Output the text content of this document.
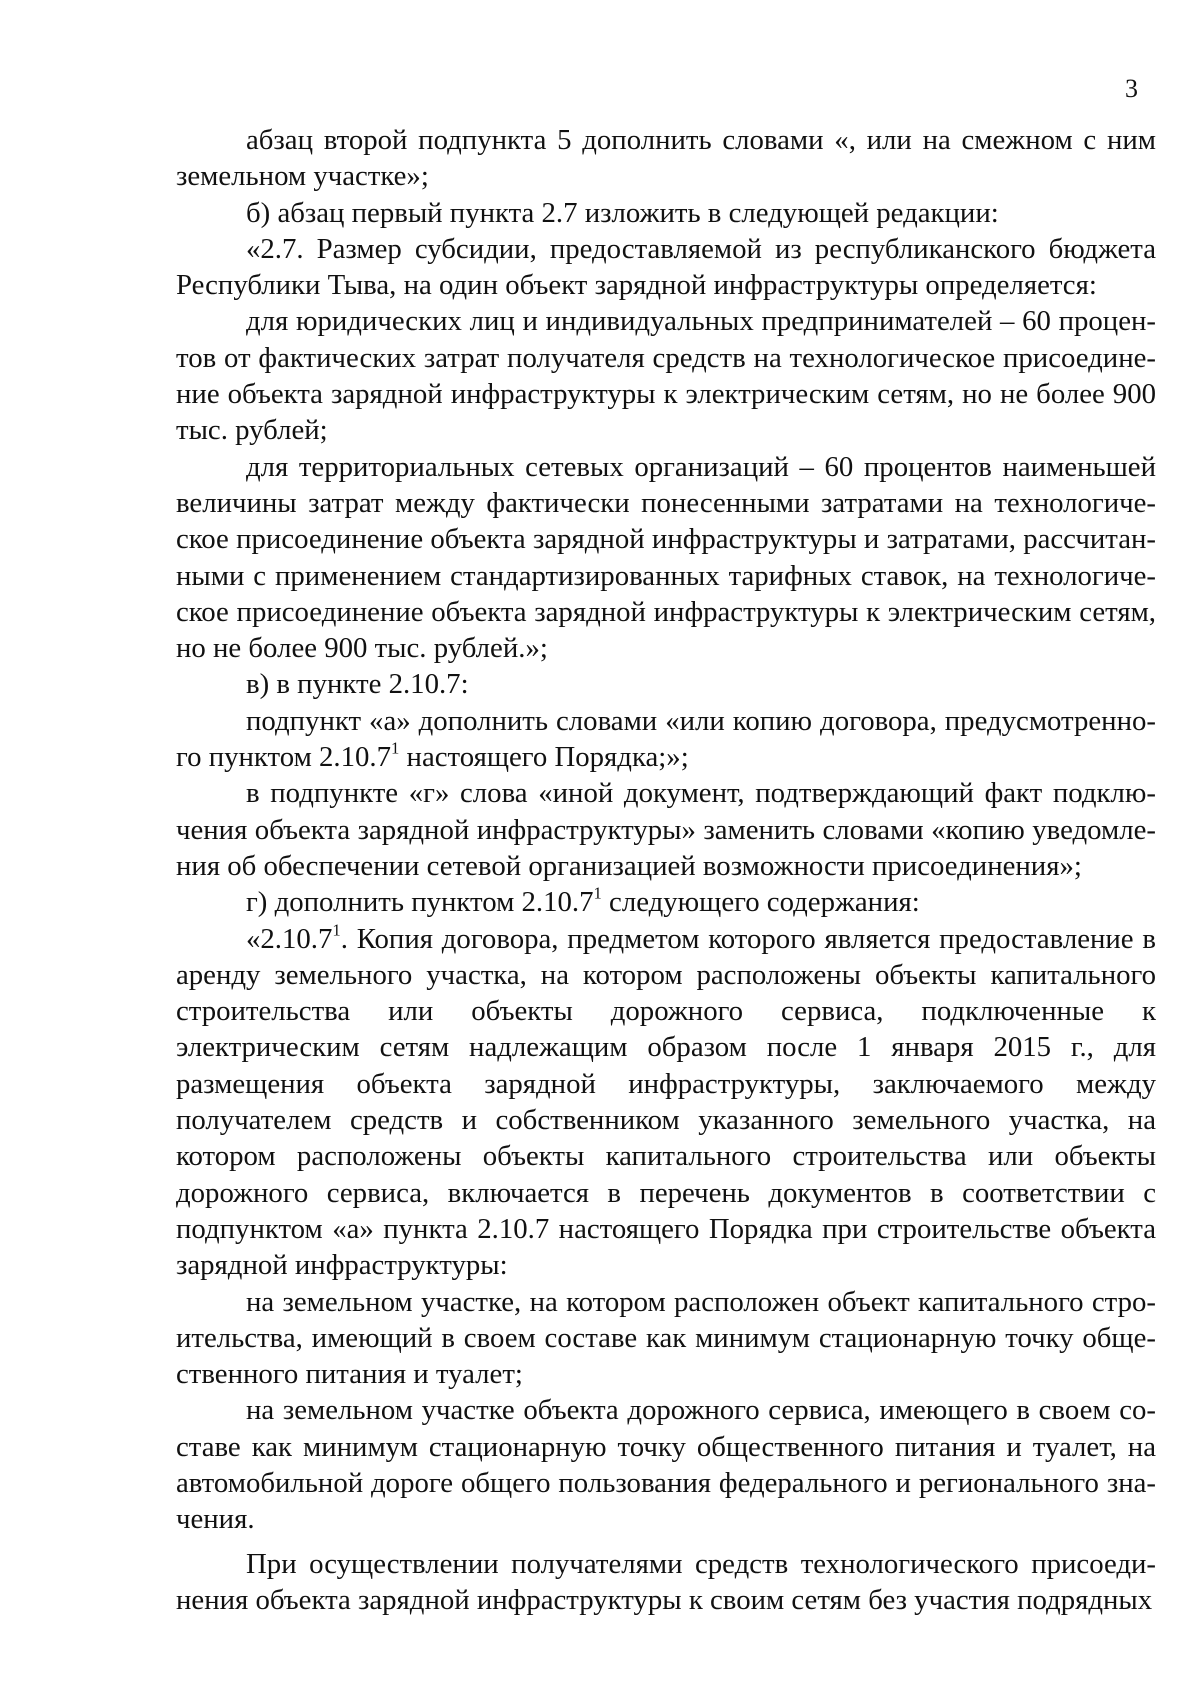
3

абзац второй подпункта 5 дополнить словами «, или на смежном с ним земельном участке»;

б) абзац первый пункта 2.7 изложить в следующей редакции:

«2.7. Размер субсидии, предоставляемой из республиканского бюджета Республики Тыва, на один объект зарядной инфраструктуры определяется:

для юридических лиц и индивидуальных предпринимателей – 60 процентов от фактических затрат получателя средств на технологическое присоединение объекта зарядной инфраструктуры к электрическим сетям, но не более 900 тыс. рублей;

для территориальных сетевых организаций – 60 процентов наименьшей величины затрат между фактически понесенными затратами на технологическое присоединение объекта зарядной инфраструктуры и затратами, рассчитанными с применением стандартизированных тарифных ставок, на технологическое присоединение объекта зарядной инфраструктуры к электрическим сетям, но не более 900 тыс. рублей.»;

в) в пункте 2.10.7:

подпункт «а» дополнить словами «или копию договора, предусмотренного пунктом 2.10.7$^1$ настоящего Порядка;»;

в подпункте «г» слова «иной документ, подтверждающий факт подключения объекта зарядной инфраструктуры» заменить словами «копию уведомления об обеспечении сетевой организацией возможности присоединения»;

г) дополнить пунктом 2.10.7$^1$ следующего содержания:

«2.10.7$^1$. Копия договора, предметом которого является предоставление в аренду земельного участка, на котором расположены объекты капитального строительства или объекты дорожного сервиса, подключенные к электрическим сетям надлежащим образом после 1 января 2015 г., для размещения объекта зарядной инфраструктуры, заключаемого между получателем средств и собственником указанного земельного участка, на котором расположены объекты капитального строительства или объекты дорожного сервиса, включается в перечень документов в соответствии с подпунктом «а» пункта 2.10.7 настоящего Порядка при строительстве объекта зарядной инфраструктуры:

на земельном участке, на котором расположен объект капитального строительства, имеющий в своем составе как минимум стационарную точку общественного питания и туалет;

на земельном участке объекта дорожного сервиса, имеющего в своем составе как минимум стационарную точку общественного питания и туалет, на автомобильной дороге общего пользования федерального и регионального значения.

При осуществлении получателями средств технологического присоединения объекта зарядной инфраструктуры к своим сетям без участия подрядных
